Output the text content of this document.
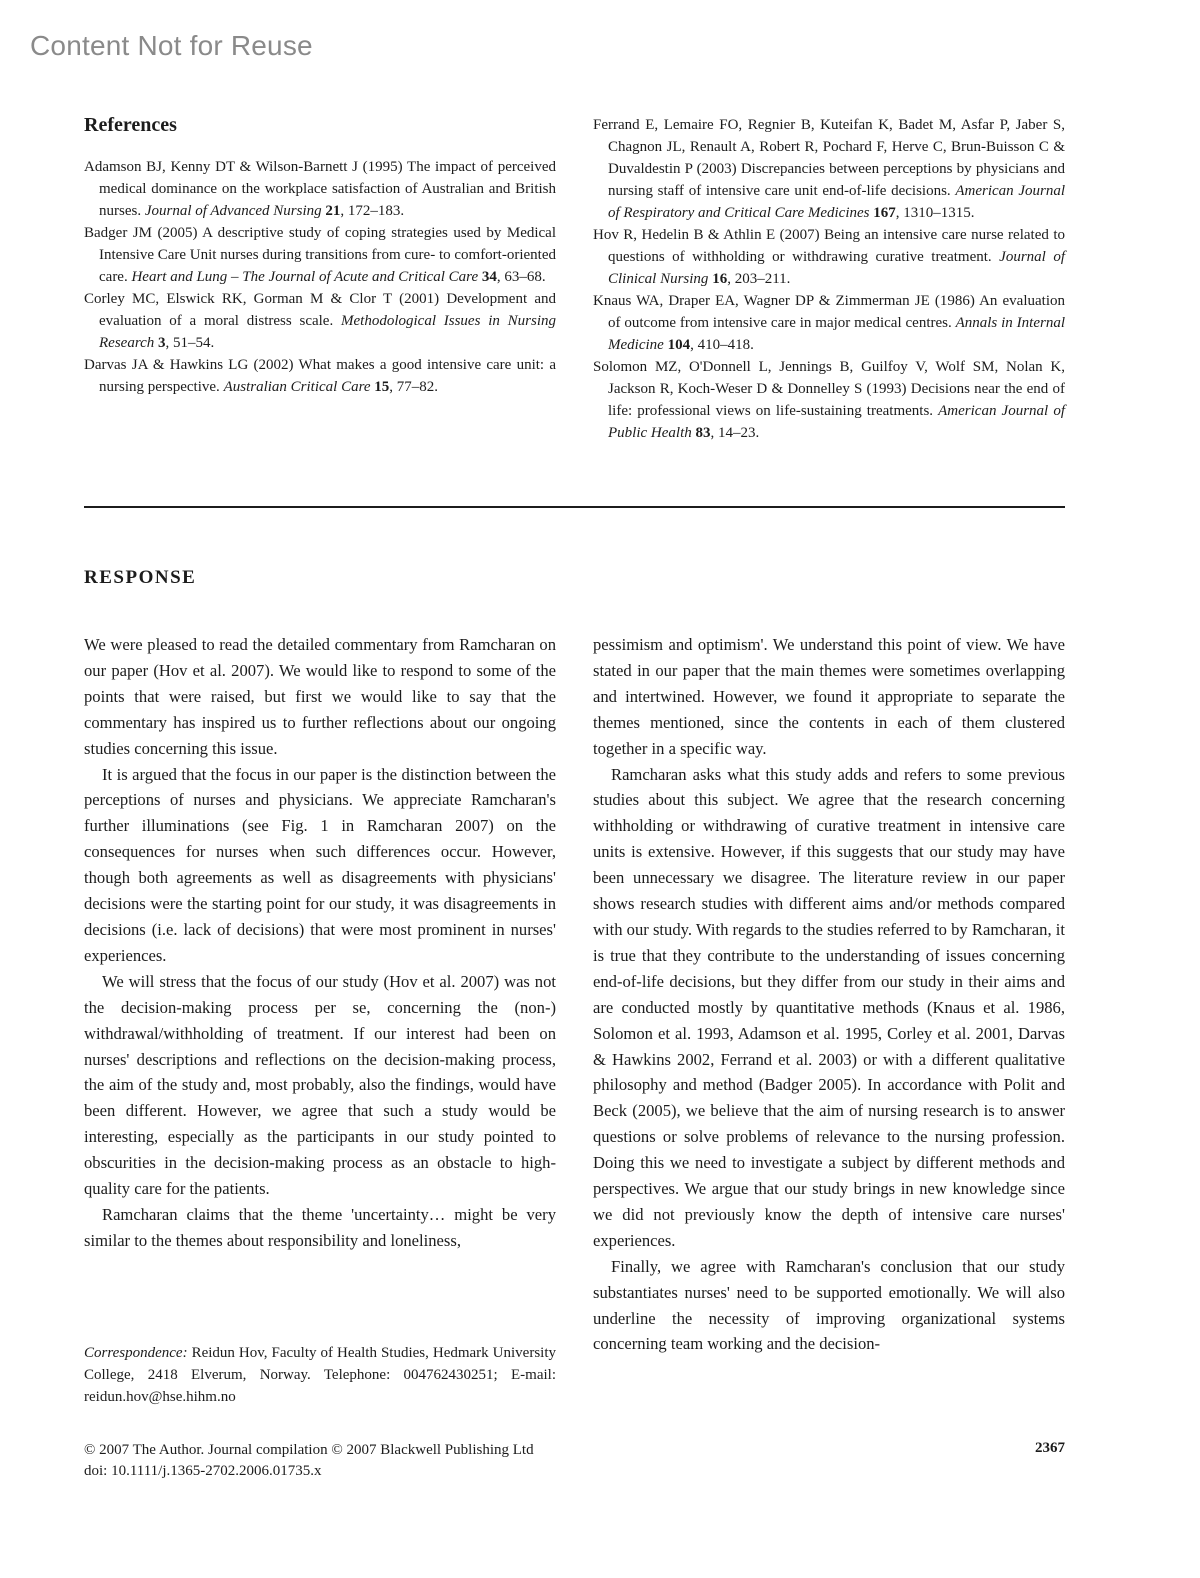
Content Not for Reuse
References

Adamson BJ, Kenny DT & Wilson-Barnett J (1995) The impact of perceived medical dominance on the workplace satisfaction of Australian and British nurses. Journal of Advanced Nursing 21, 172–183.

Badger JM (2005) A descriptive study of coping strategies used by Medical Intensive Care Unit nurses during transitions from cure- to comfort-oriented care. Heart and Lung – The Journal of Acute and Critical Care 34, 63–68.

Corley MC, Elswick RK, Gorman M & Clor T (2001) Development and evaluation of a moral distress scale. Methodological Issues in Nursing Research 3, 51–54.

Darvas JA & Hawkins LG (2002) What makes a good intensive care unit: a nursing perspective. Australian Critical Care 15, 77–82.

Ferrand E, Lemaire FO, Regnier B, Kuteifan K, Badet M, Asfar P, Jaber S, Chagnon JL, Renault A, Robert R, Pochard F, Herve C, Brun-Buisson C & Duvaldestin P (2003) Discrepancies between perceptions by physicians and nursing staff of intensive care unit end-of-life decisions. American Journal of Respiratory and Critical Care Medicines 167, 1310–1315.

Hov R, Hedelin B & Athlin E (2007) Being an intensive care nurse related to questions of withholding or withdrawing curative treatment. Journal of Clinical Nursing 16, 203–211.

Knaus WA, Draper EA, Wagner DP & Zimmerman JE (1986) An evaluation of outcome from intensive care in major medical centres. Annals in Internal Medicine 104, 410–418.

Solomon MZ, O'Donnell L, Jennings B, Guilfoy V, Wolf SM, Nolan K, Jackson R, Koch-Weser D & Donnelley S (1993) Decisions near the end of life: professional views on life-sustaining treatments. American Journal of Public Health 83, 14–23.

RESPONSE

We were pleased to read the detailed commentary from Ramcharan on our paper (Hov et al. 2007). We would like to respond to some of the points that were raised, but first we would like to say that the commentary has inspired us to further reflections about our ongoing studies concerning this issue.

It is argued that the focus in our paper is the distinction between the perceptions of nurses and physicians. We appreciate Ramcharan's further illuminations (see Fig. 1 in Ramcharan 2007) on the consequences for nurses when such differences occur. However, though both agreements as well as disagreements with physicians' decisions were the starting point for our study, it was disagreements in decisions (i.e. lack of decisions) that were most prominent in nurses' experiences.

We will stress that the focus of our study (Hov et al. 2007) was not the decision-making process per se, concerning the (non-) withdrawal/withholding of treatment. If our interest had been on nurses' descriptions and reflections on the decision-making process, the aim of the study and, most probably, also the findings, would have been different. However, we agree that such a study would be interesting, especially as the participants in our study pointed to obscurities in the decision-making process as an obstacle to high-quality care for the patients.

Ramcharan claims that the theme 'uncertainty… might be very similar to the themes about responsibility and loneliness,

pessimism and optimism'. We understand this point of view. We have stated in our paper that the main themes were sometimes overlapping and intertwined. However, we found it appropriate to separate the themes mentioned, since the contents in each of them clustered together in a specific way.

Ramcharan asks what this study adds and refers to some previous studies about this subject. We agree that the research concerning withholding or withdrawing of curative treatment in intensive care units is extensive. However, if this suggests that our study may have been unnecessary we disagree. The literature review in our paper shows research studies with different aims and/or methods compared with our study. With regards to the studies referred to by Ramcharan, it is true that they contribute to the understanding of issues concerning end-of-life decisions, but they differ from our study in their aims and are conducted mostly by quantitative methods (Knaus et al. 1986, Solomon et al. 1993, Adamson et al. 1995, Corley et al. 2001, Darvas & Hawkins 2002, Ferrand et al. 2003) or with a different qualitative philosophy and method (Badger 2005). In accordance with Polit and Beck (2005), we believe that the aim of nursing research is to answer questions or solve problems of relevance to the nursing profession. Doing this we need to investigate a subject by different methods and perspectives. We argue that our study brings in new knowledge since we did not previously know the depth of intensive care nurses' experiences.

Finally, we agree with Ramcharan's conclusion that our study substantiates nurses' need to be supported emotionally. We will also underline the necessity of improving organizational systems concerning team working and the decision-

Correspondence: Reidun Hov, Faculty of Health Studies, Hedmark University College, 2418 Elverum, Norway. Telephone: 004762430251; E-mail: reidun.hov@hse.hihm.no

© 2007 The Author. Journal compilation © 2007 Blackwell Publishing Ltd
doi: 10.1111/j.1365-2702.2006.01735.x
2367
